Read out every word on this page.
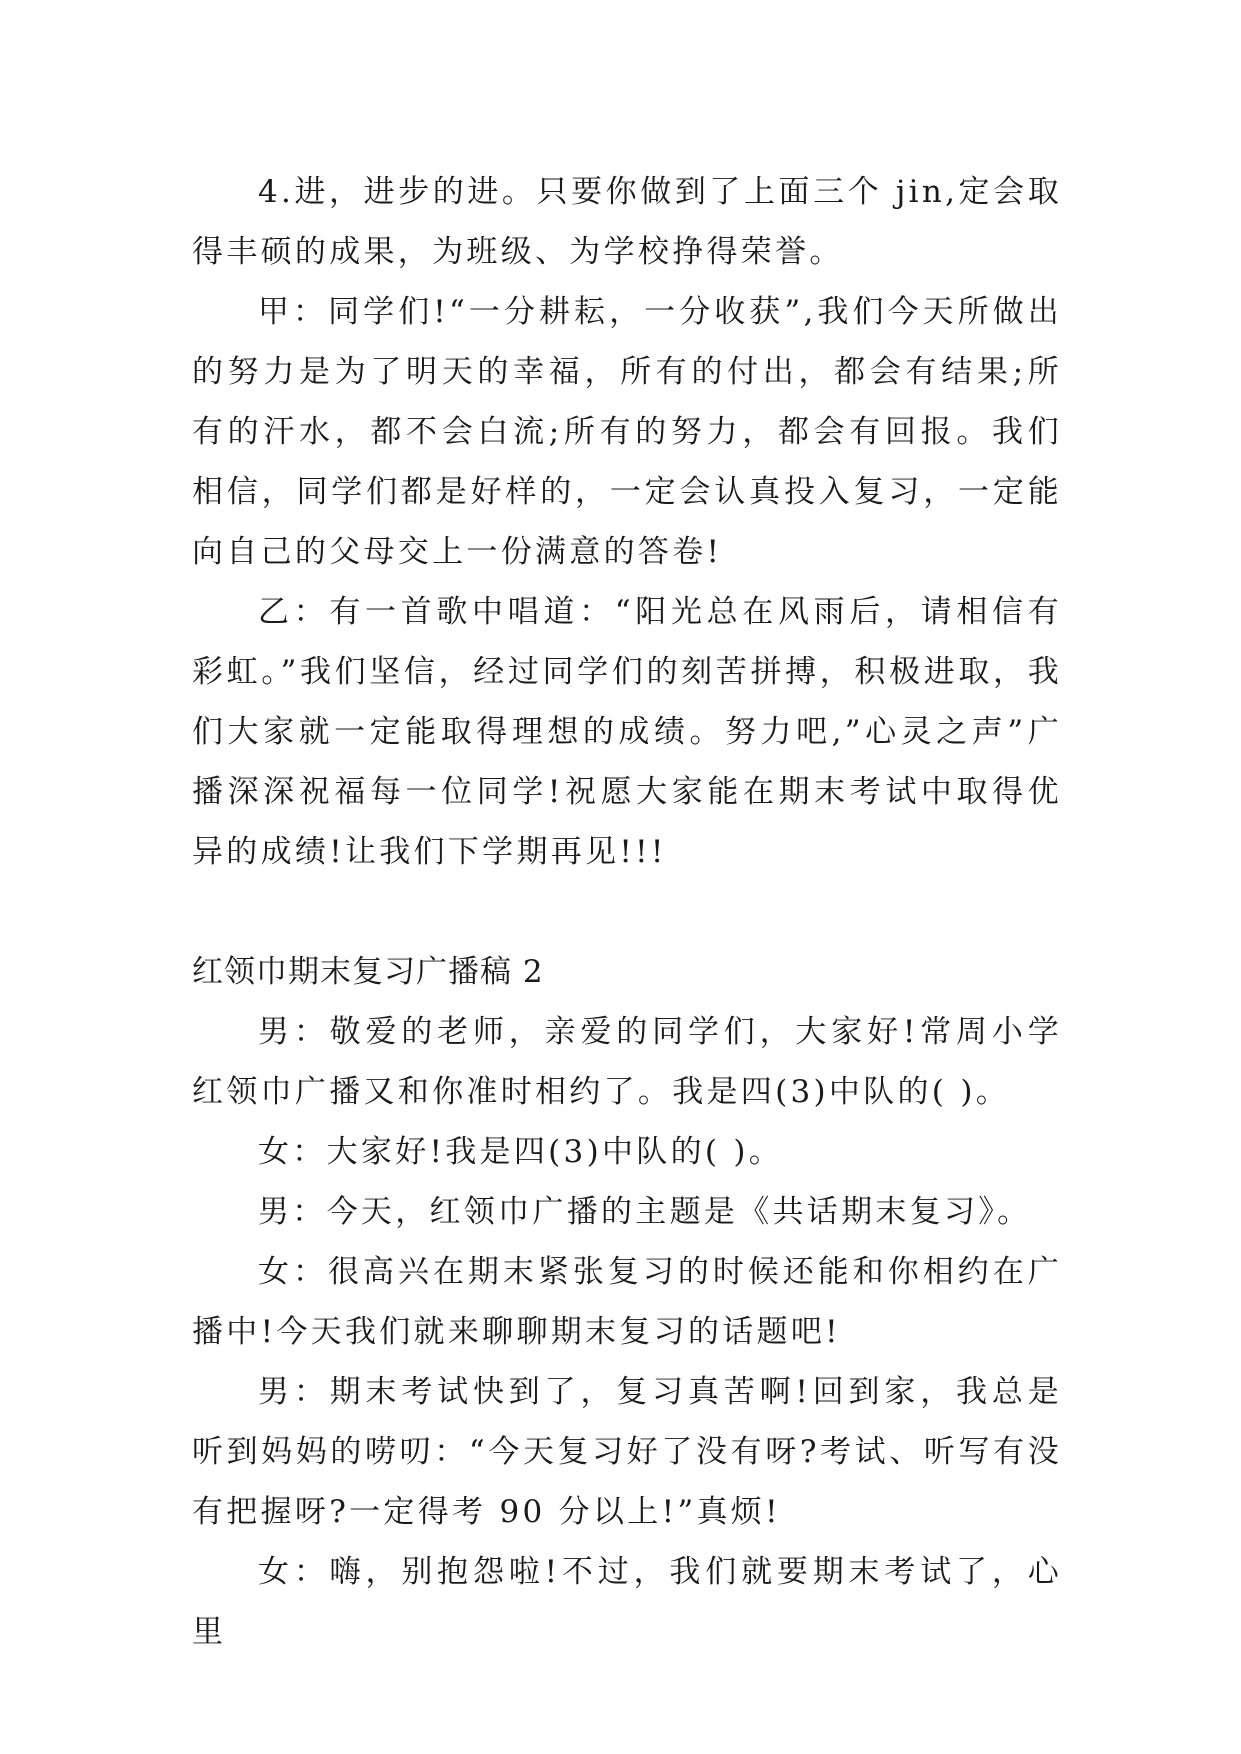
4.进，进步的进。只要你做到了上面三个 jin,定会取得丰硕的成果，为班级、为学校挣得荣誉。

甲：同学们!“一分耕耘，一分收获”,我们今天所做出的努力是为了明天的幸福，所有的付出，都会有结果;所有的汗水，都不会白流;所有的努力，都会有回报。我们相信，同学们都是好样的，一定会认真投入复习，一定能向自己的父母交上一份满意的答卷!

乙：有一首歌中唱道：“阳光总在风雨后，请相信有彩虹。”我们坚信，经过同学们的刻苦拼搏，积极进取，我们大家就一定能取得理想的成绩。努力吧,”心灵之声”广播深深祝福每一位同学!祝愿大家能在期末考试中取得优异的成绩!让我们下学期再见!!!

红领巾期末复习广播稿 2

男：敬爱的老师，亲爱的同学们，大家好!常周小学红领巾广播又和你准时相约了。我是四(3)中队的( )。

女：大家好!我是四(3)中队的( )。

男：今天，红领巾广播的主题是《共话期末复习》。

女：很高兴在期末紧张复习的时候还能和你相约在广播中!今天我们就来聊聊期末复习的话题吧!

男：期末考试快到了，复习真苦啊!回到家，我总是听到妈妈的唠叨：“今天复习好了没有呀?考试、听写有没有把握呀?一定得考 90 分以上!”真烦!

女：嗨，别抱怨啦!不过，我们就要期末考试了，心里
